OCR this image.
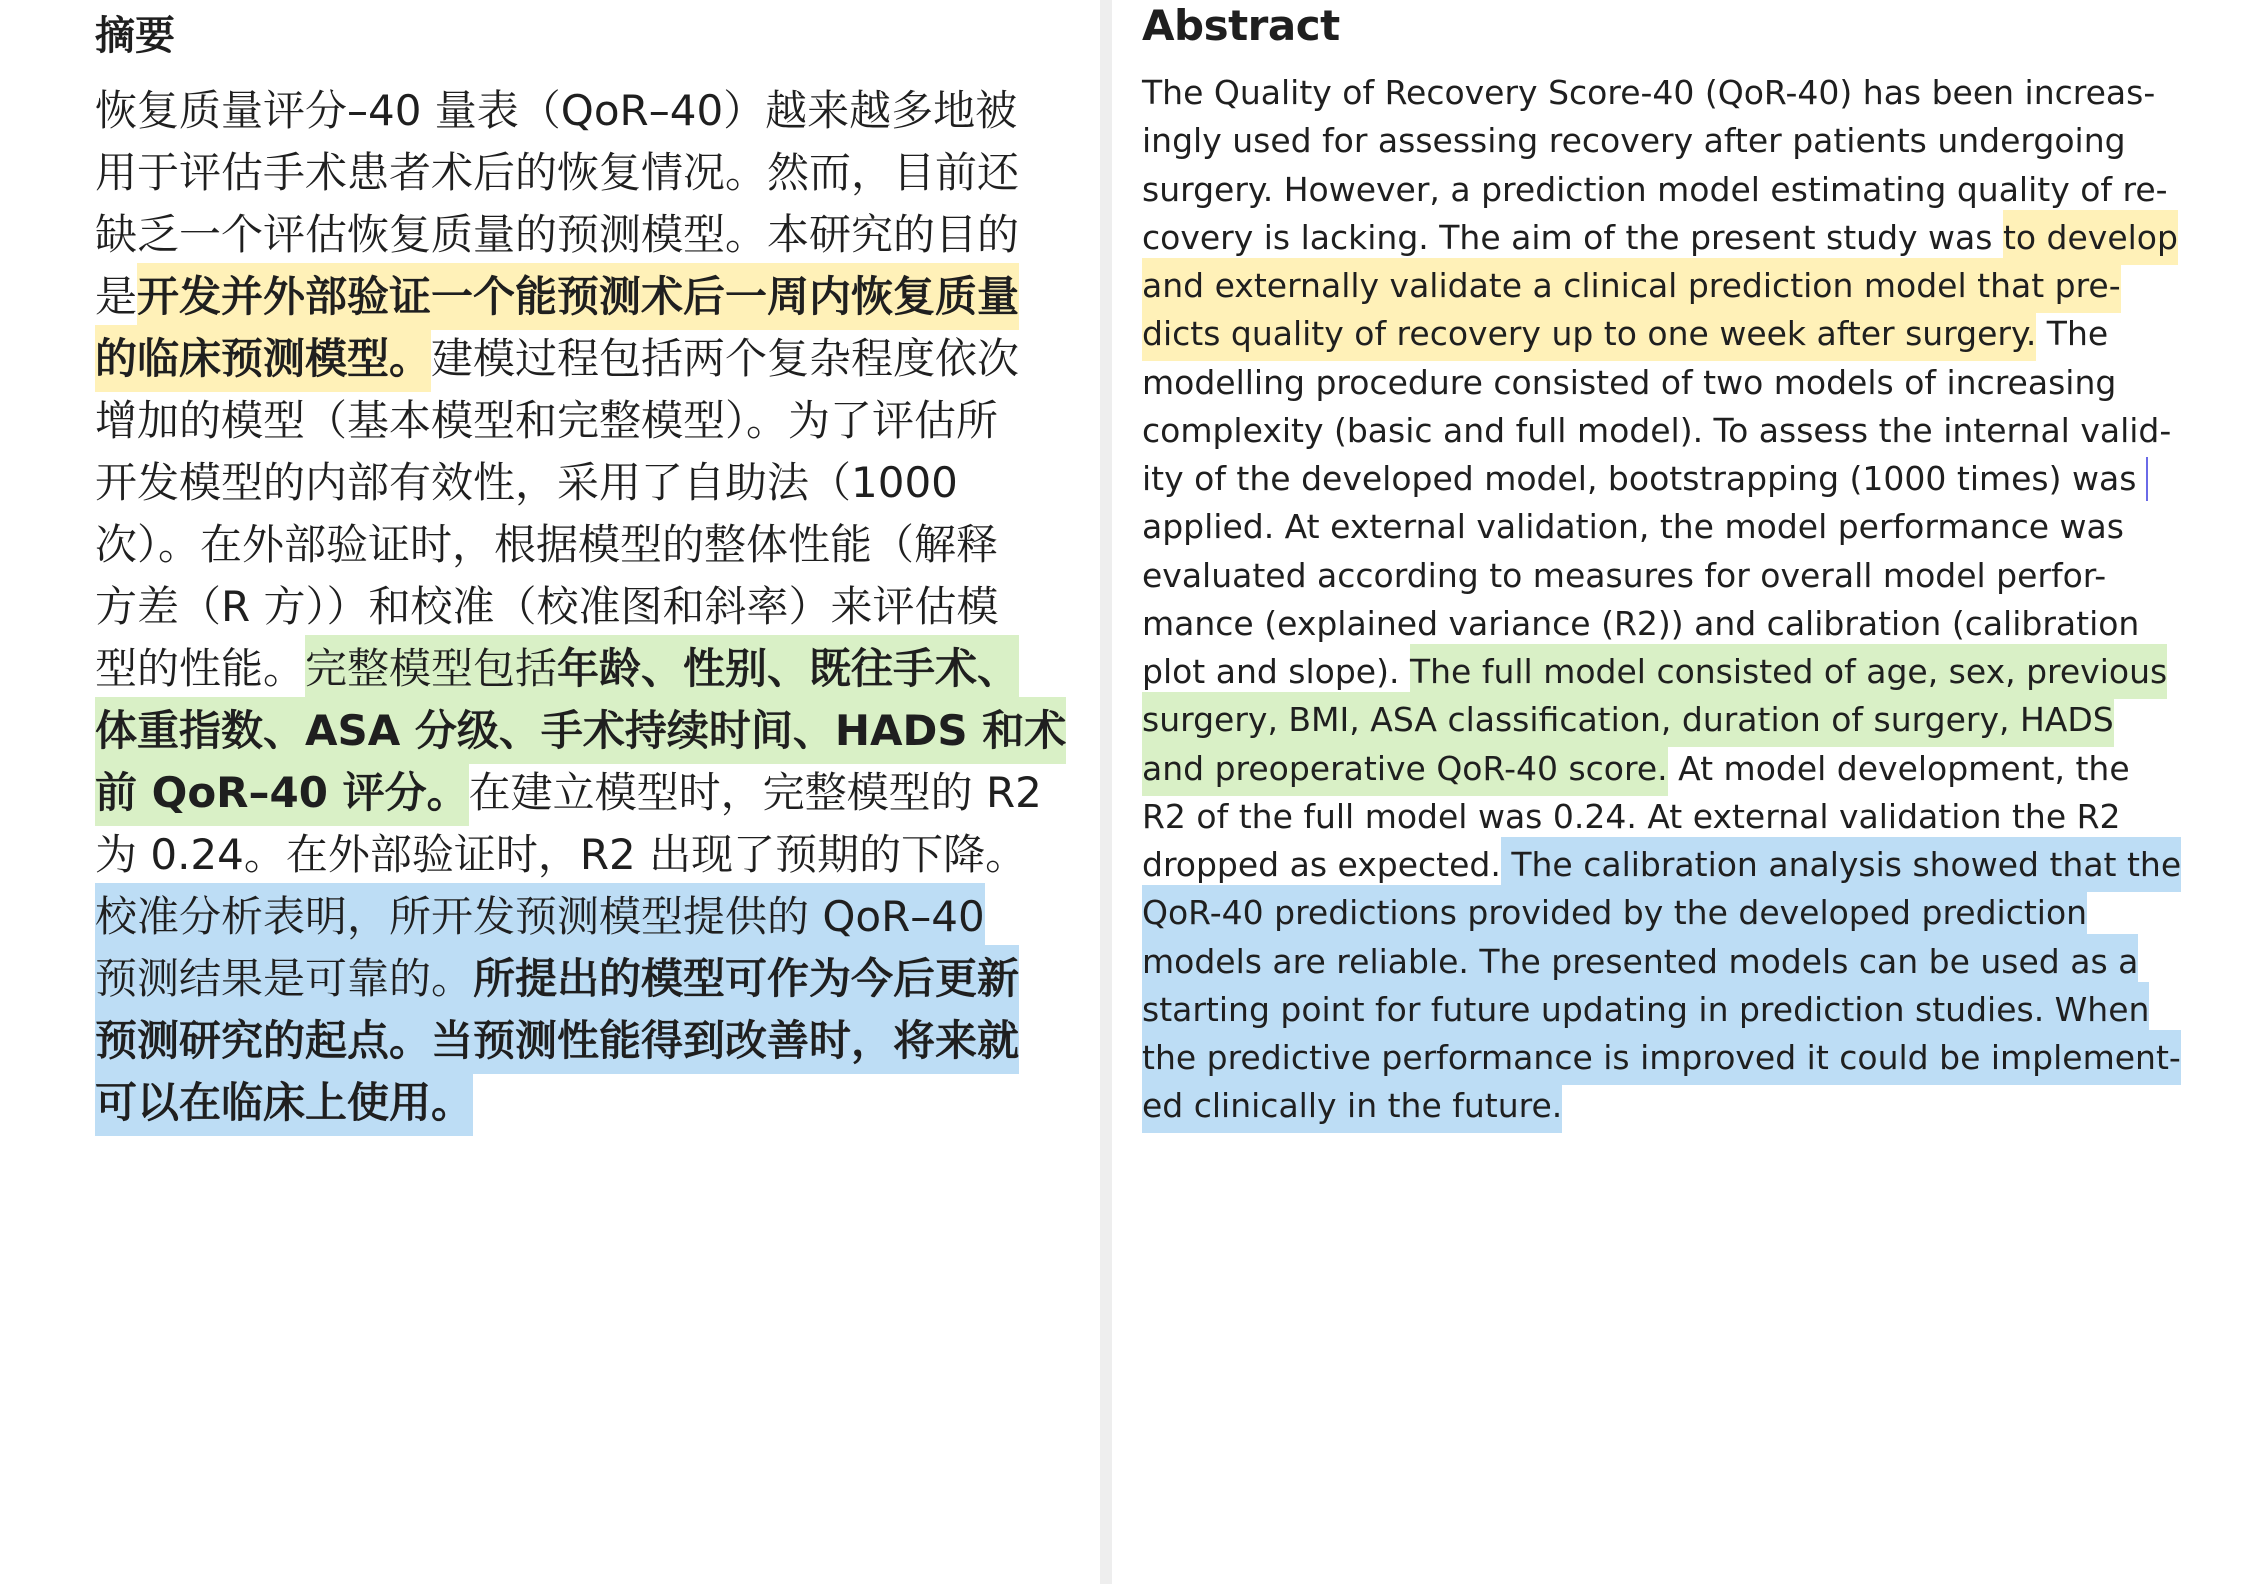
摘要
恢复质量评分–40 量表（QoR–40）越来越多地被
用于评估手术患者术后的恢复情况。然而，目前还
缺乏一个评估恢复质量的预测模型。本研究的目的
是开发并外部验证一个能预测术后一周内恢复质量
的临床预测模型。建模过程包括两个复杂程度依次
增加的模型（基本模型和完整模型）。为了评估所
开发模型的内部有效性，采用了自助法（1000
次）。在外部验证时，根据模型的整体性能（解释
方差（R 方））和校准（校准图和斜率）来评估模
型的性能。完整模型包括年龄、性别、既往手术、
体重指数、ASA 分级、手术持续时间、HADS 和术
前 QoR–40 评分。在建立模型时，完整模型的 R2
为 0.24。在外部验证时，R2 出现了预期的下降。
校准分析表明，所开发预测模型提供的 QoR–40
预测结果是可靠的。所提出的模型可作为今后更新
预测研究的起点。当预测性能得到改善时，将来就
可以在临床上使用。
Abstract
The Quality of Recovery Score-40 (QoR-40) has been increas-
ingly used for assessing recovery after patients undergoing
surgery. However, a prediction model estimating quality of re-
covery is lacking. The aim of the present study was to develop
and externally validate a clinical prediction model that pre-
dicts quality of recovery up to one week after surgery. The
modelling procedure consisted of two models of increasing
complexity (basic and full model). To assess the internal valid-
ity of the developed model, bootstrapping (1000 times) was
applied. At external validation, the model performance was
evaluated according to measures for overall model perfor-
mance (explained variance (R2)) and calibration (calibration
plot and slope). The full model consisted of age, sex, previous
surgery, BMI, ASA classification, duration of surgery, HADS
and preoperative QoR-40 score. At model development, the
R2 of the full model was 0.24. At external validation the R2
dropped as expected. The calibration analysis showed that the
QoR-40 predictions provided by the developed prediction
models are reliable. The presented models can be used as a
starting point for future updating in prediction studies. When
the predictive performance is improved it could be implement-
ed clinically in the future.
